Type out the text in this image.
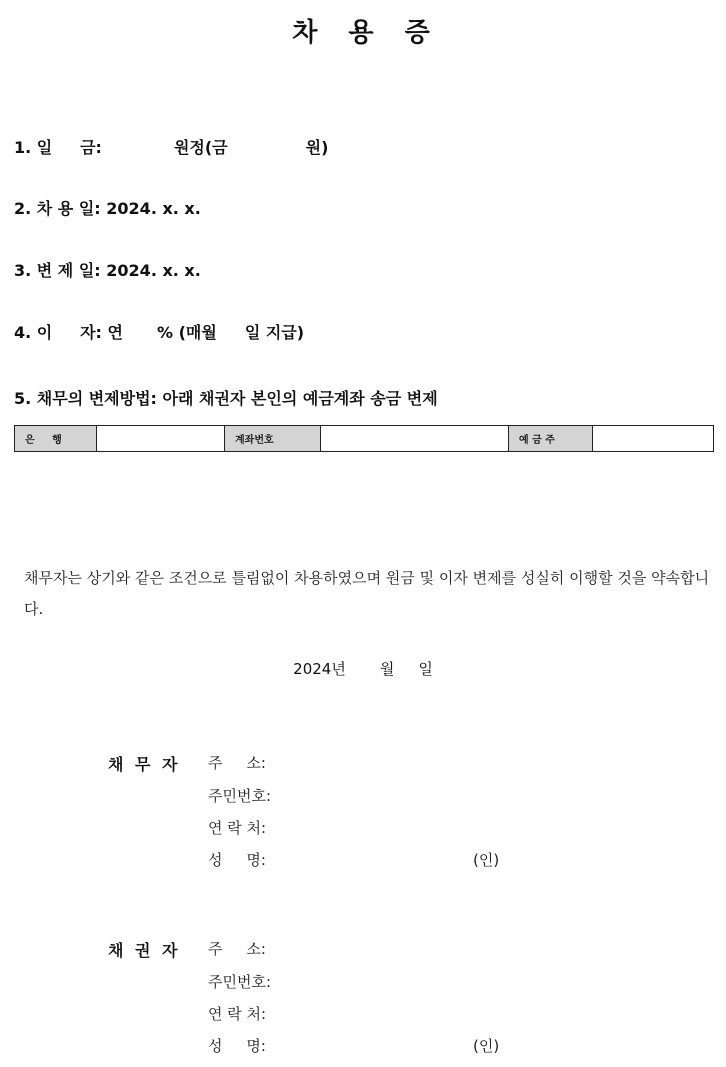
차 용 증
1. 일     금:	원정(금	원)
2. 차 용 일: 2024. x. x.
3. 변 제 일: 2024. x. x.
4. 이     자: 연 % (매월 일 지급)
5. 채무의 변제방법: 아래 채권자 본인의 예금계좌 송금 변제
은     행	계좌번호	예 금 주
채무자는 상기와 같은 조건으로 틀림없이 차용하였으며 원금 및 이자 변제를 성실히 이행할 것을 약속합니다.
2024년 월 일
채 무 자 주     소:
주민번호:
연 락 처:
성     명:	(인)
채 권 자 주     소:
주민번호:
연 락 처:
성     명:	(인)
